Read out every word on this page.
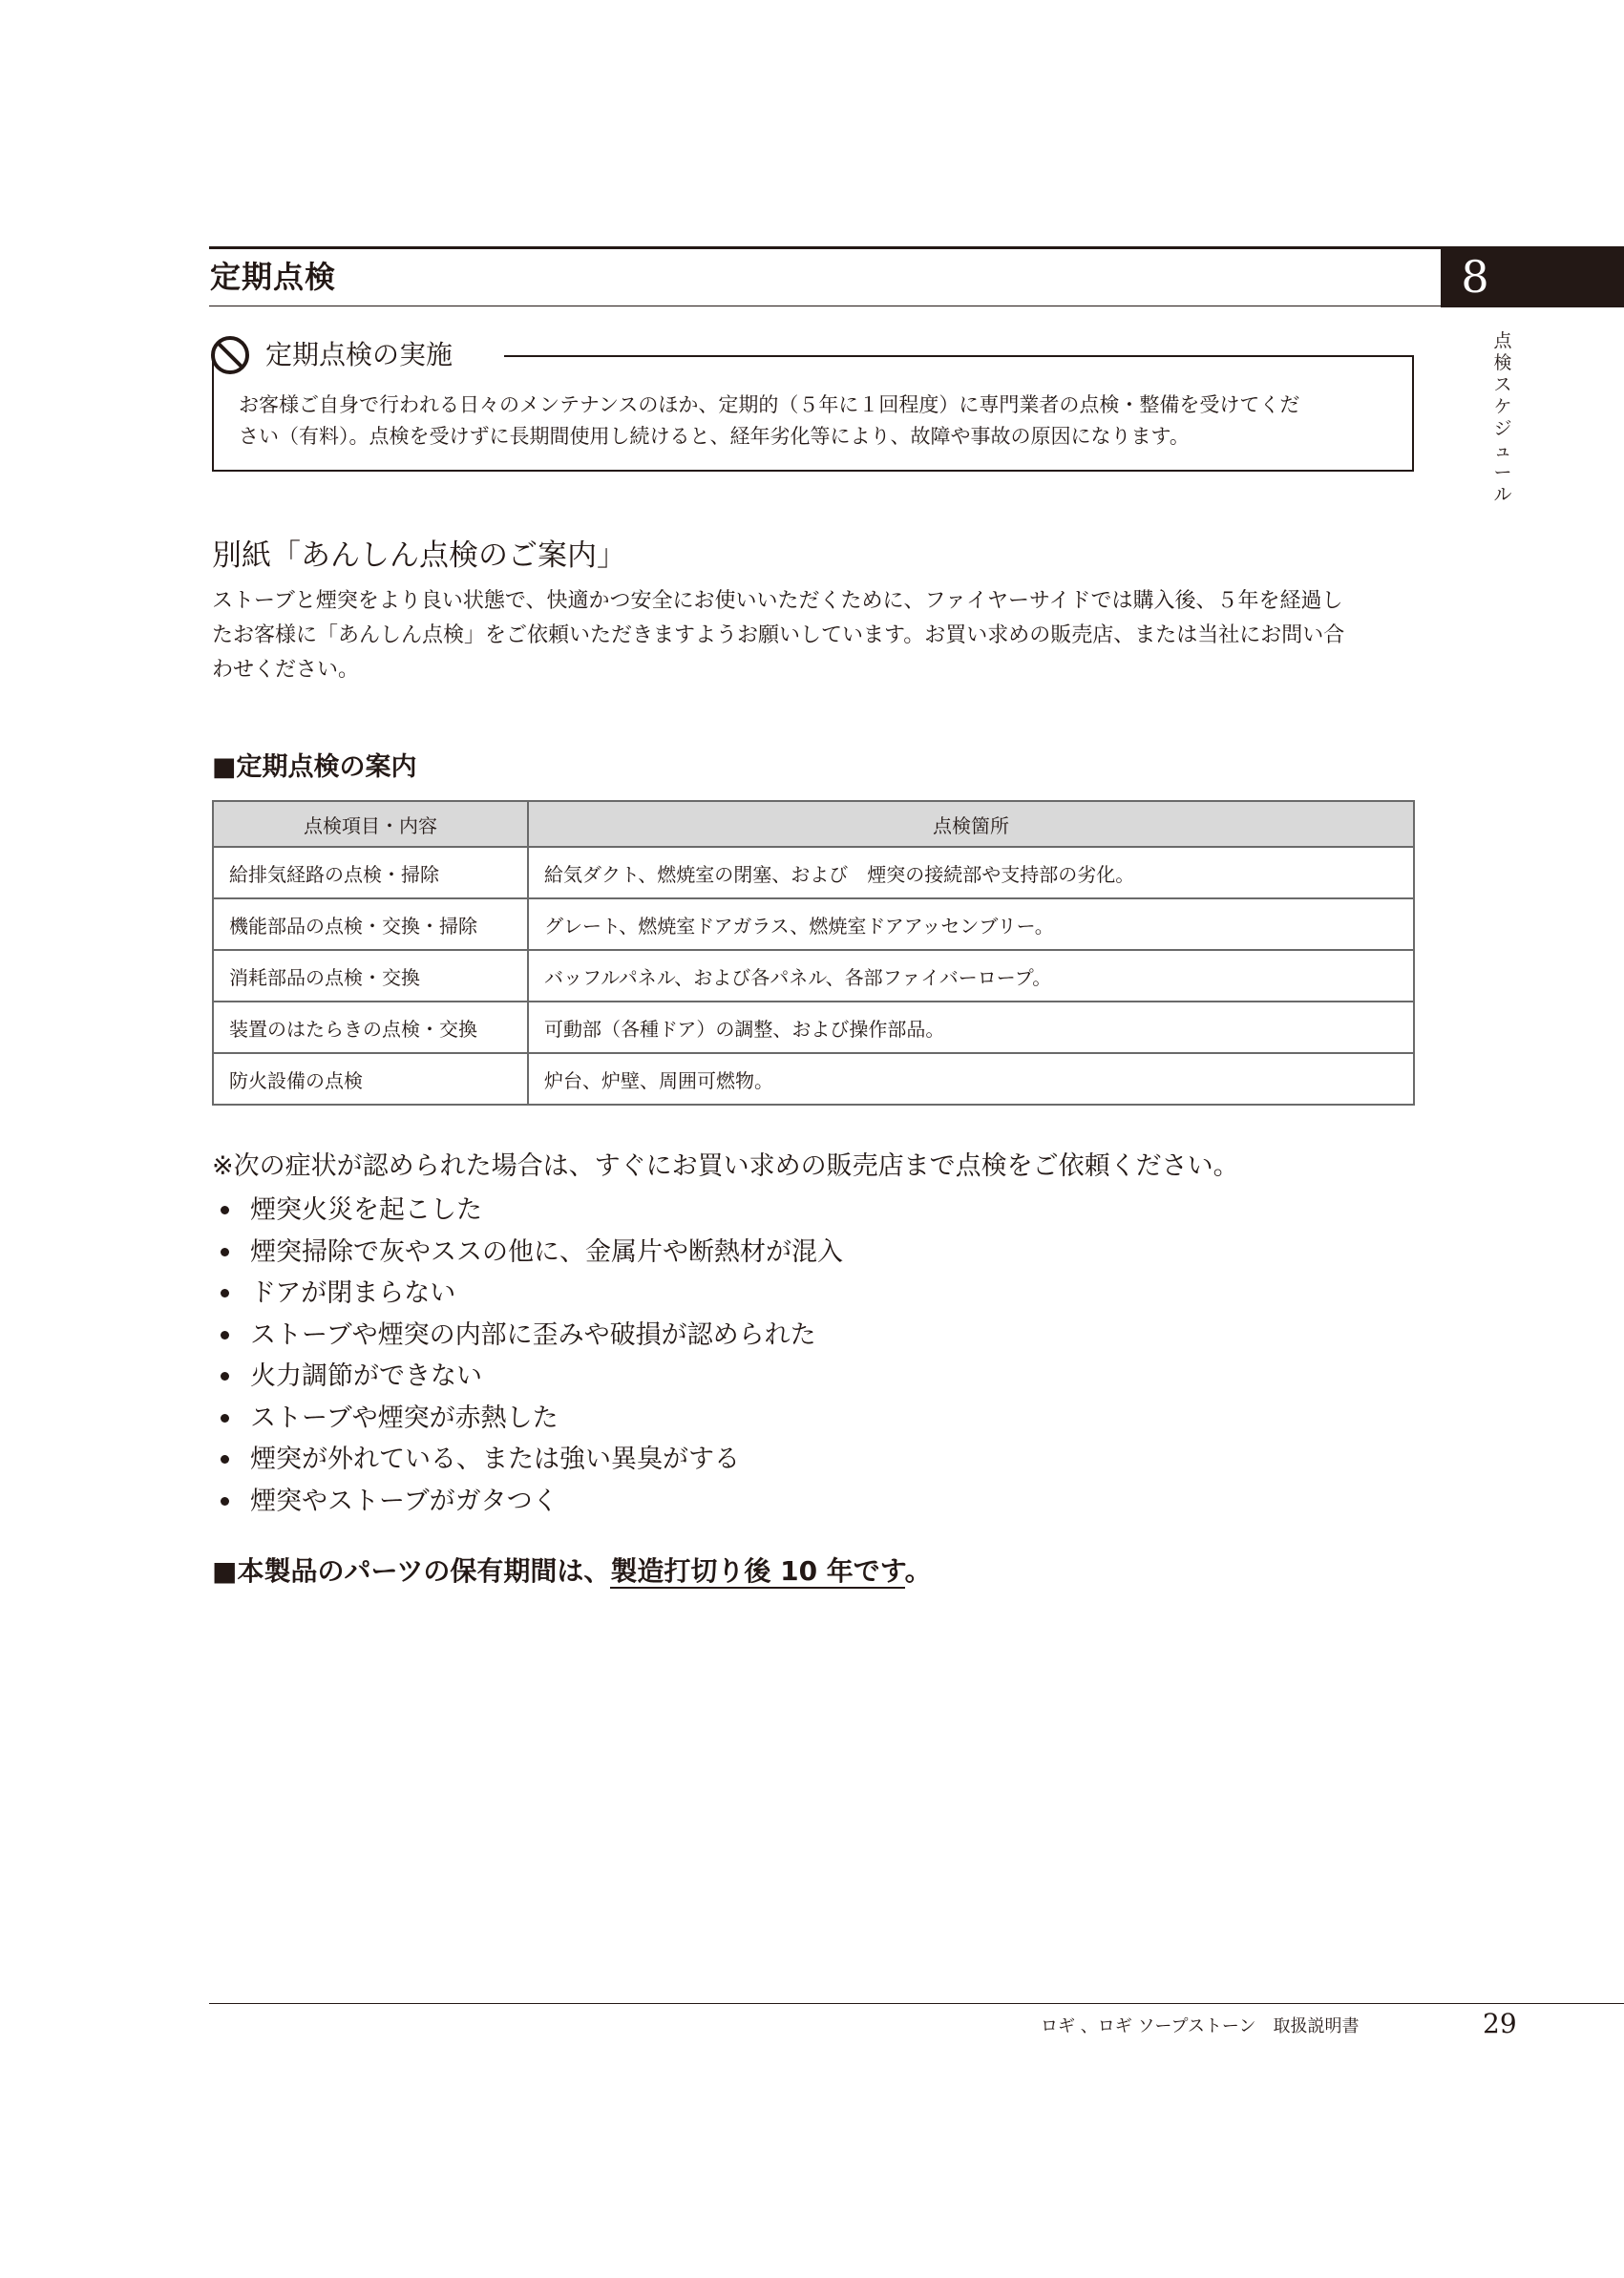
定期点検	8
点
検
ス
ケ
ジ
ュ
ー
ル
定期点検の実施
お客様ご自身で行われる日々のメンテナンスのほか、定期的（５年に１回程度）に専門業者の点検・整備を受けてくだ
さい（有料）。点検を受けずに長期間使用し続けると、経年劣化等により、故障や事故の原因になります。
別紙「あんしん点検のご案内」
ストーブと煙突をより良い状態で、快適かつ安全にお使いいただくために、ファイヤーサイドでは購入後、５年を経過し
たお客様に「あんしん点検」をご依頼いただきますようお願いしています。お買い求めの販売店、または当社にお問い合
わせください。
■定期点検の案内
点検項目・内容	点検箇所
給排気経路の点検・掃除	給気ダクト、燃焼室の閉塞、および　煙突の接続部や支持部の劣化。
機能部品の点検・交換・掃除	グレート、燃焼室ドアガラス、燃焼室ドアアッセンブリー。
消耗部品の点検・交換	バッフルパネル、および各パネル、各部ファイバーロープ。
装置のはたらきの点検・交換	可動部（各種ドア）の調整、および操作部品。
防火設備の点検	炉台、炉壁、周囲可燃物。
※次の症状が認められた場合は、すぐにお買い求めの販売店まで点検をご依頼ください。
煙突火災を起こした
煙突掃除で灰やススの他に、金属片や断熱材が混入
ドアが閉まらない
ストーブや煙突の内部に歪みや破損が認められた
火力調節ができない
ストーブや煙突が赤熱した
煙突が外れている、または強い異臭がする
煙突やストーブがガタつく
■本製品のパーツの保有期間は、製造打切り後 10 年です。
ロギ 、ロギ ソープストーン　取扱説明書	29
